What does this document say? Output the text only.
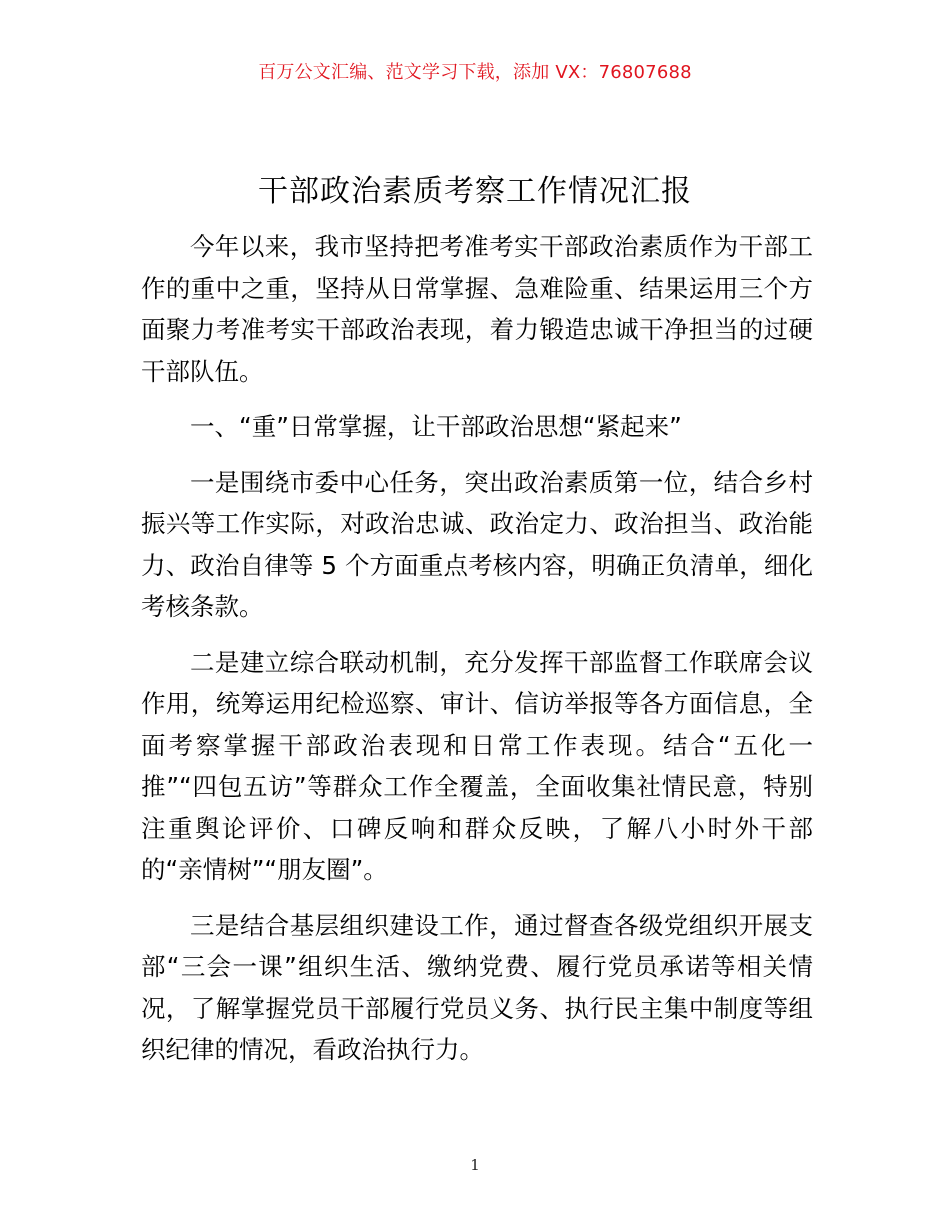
百万公文汇编、范文学习下载，添加 VX：76807688
干部政治素质考察工作情况汇报

今年以来，我市坚持把考准考实干部政治素质作为干部工作的重中之重，坚持从日常掌握、急难险重、结果运用三个方面聚力考准考实干部政治表现，着力锻造忠诚干净担当的过硬干部队伍。

一、“重”日常掌握，让干部政治思想“紧起来”

一是围绕市委中心任务，突出政治素质第一位，结合乡村振兴等工作实际，对政治忠诚、政治定力、政治担当、政治能力、政治自律等 5 个方面重点考核内容，明确正负清单，细化考核条款。

二是建立综合联动机制，充分发挥干部监督工作联席会议作用，统筹运用纪检巡察、审计、信访举报等各方面信息，全面考察掌握干部政治表现和日常工作表现。结合“五化一推”“四包五访”等群众工作全覆盖，全面收集社情民意，特别注重舆论评价、口碑反响和群众反映，了解八小时外干部的“亲情树”“朋友圈”。

三是结合基层组织建设工作，通过督查各级党组织开展支部“三会一课”组织生活、缴纳党费、履行党员承诺等相关情况，了解掌握党员干部履行党员义务、执行民主集中制度等组织纪律的情况，看政治执行力。

1
